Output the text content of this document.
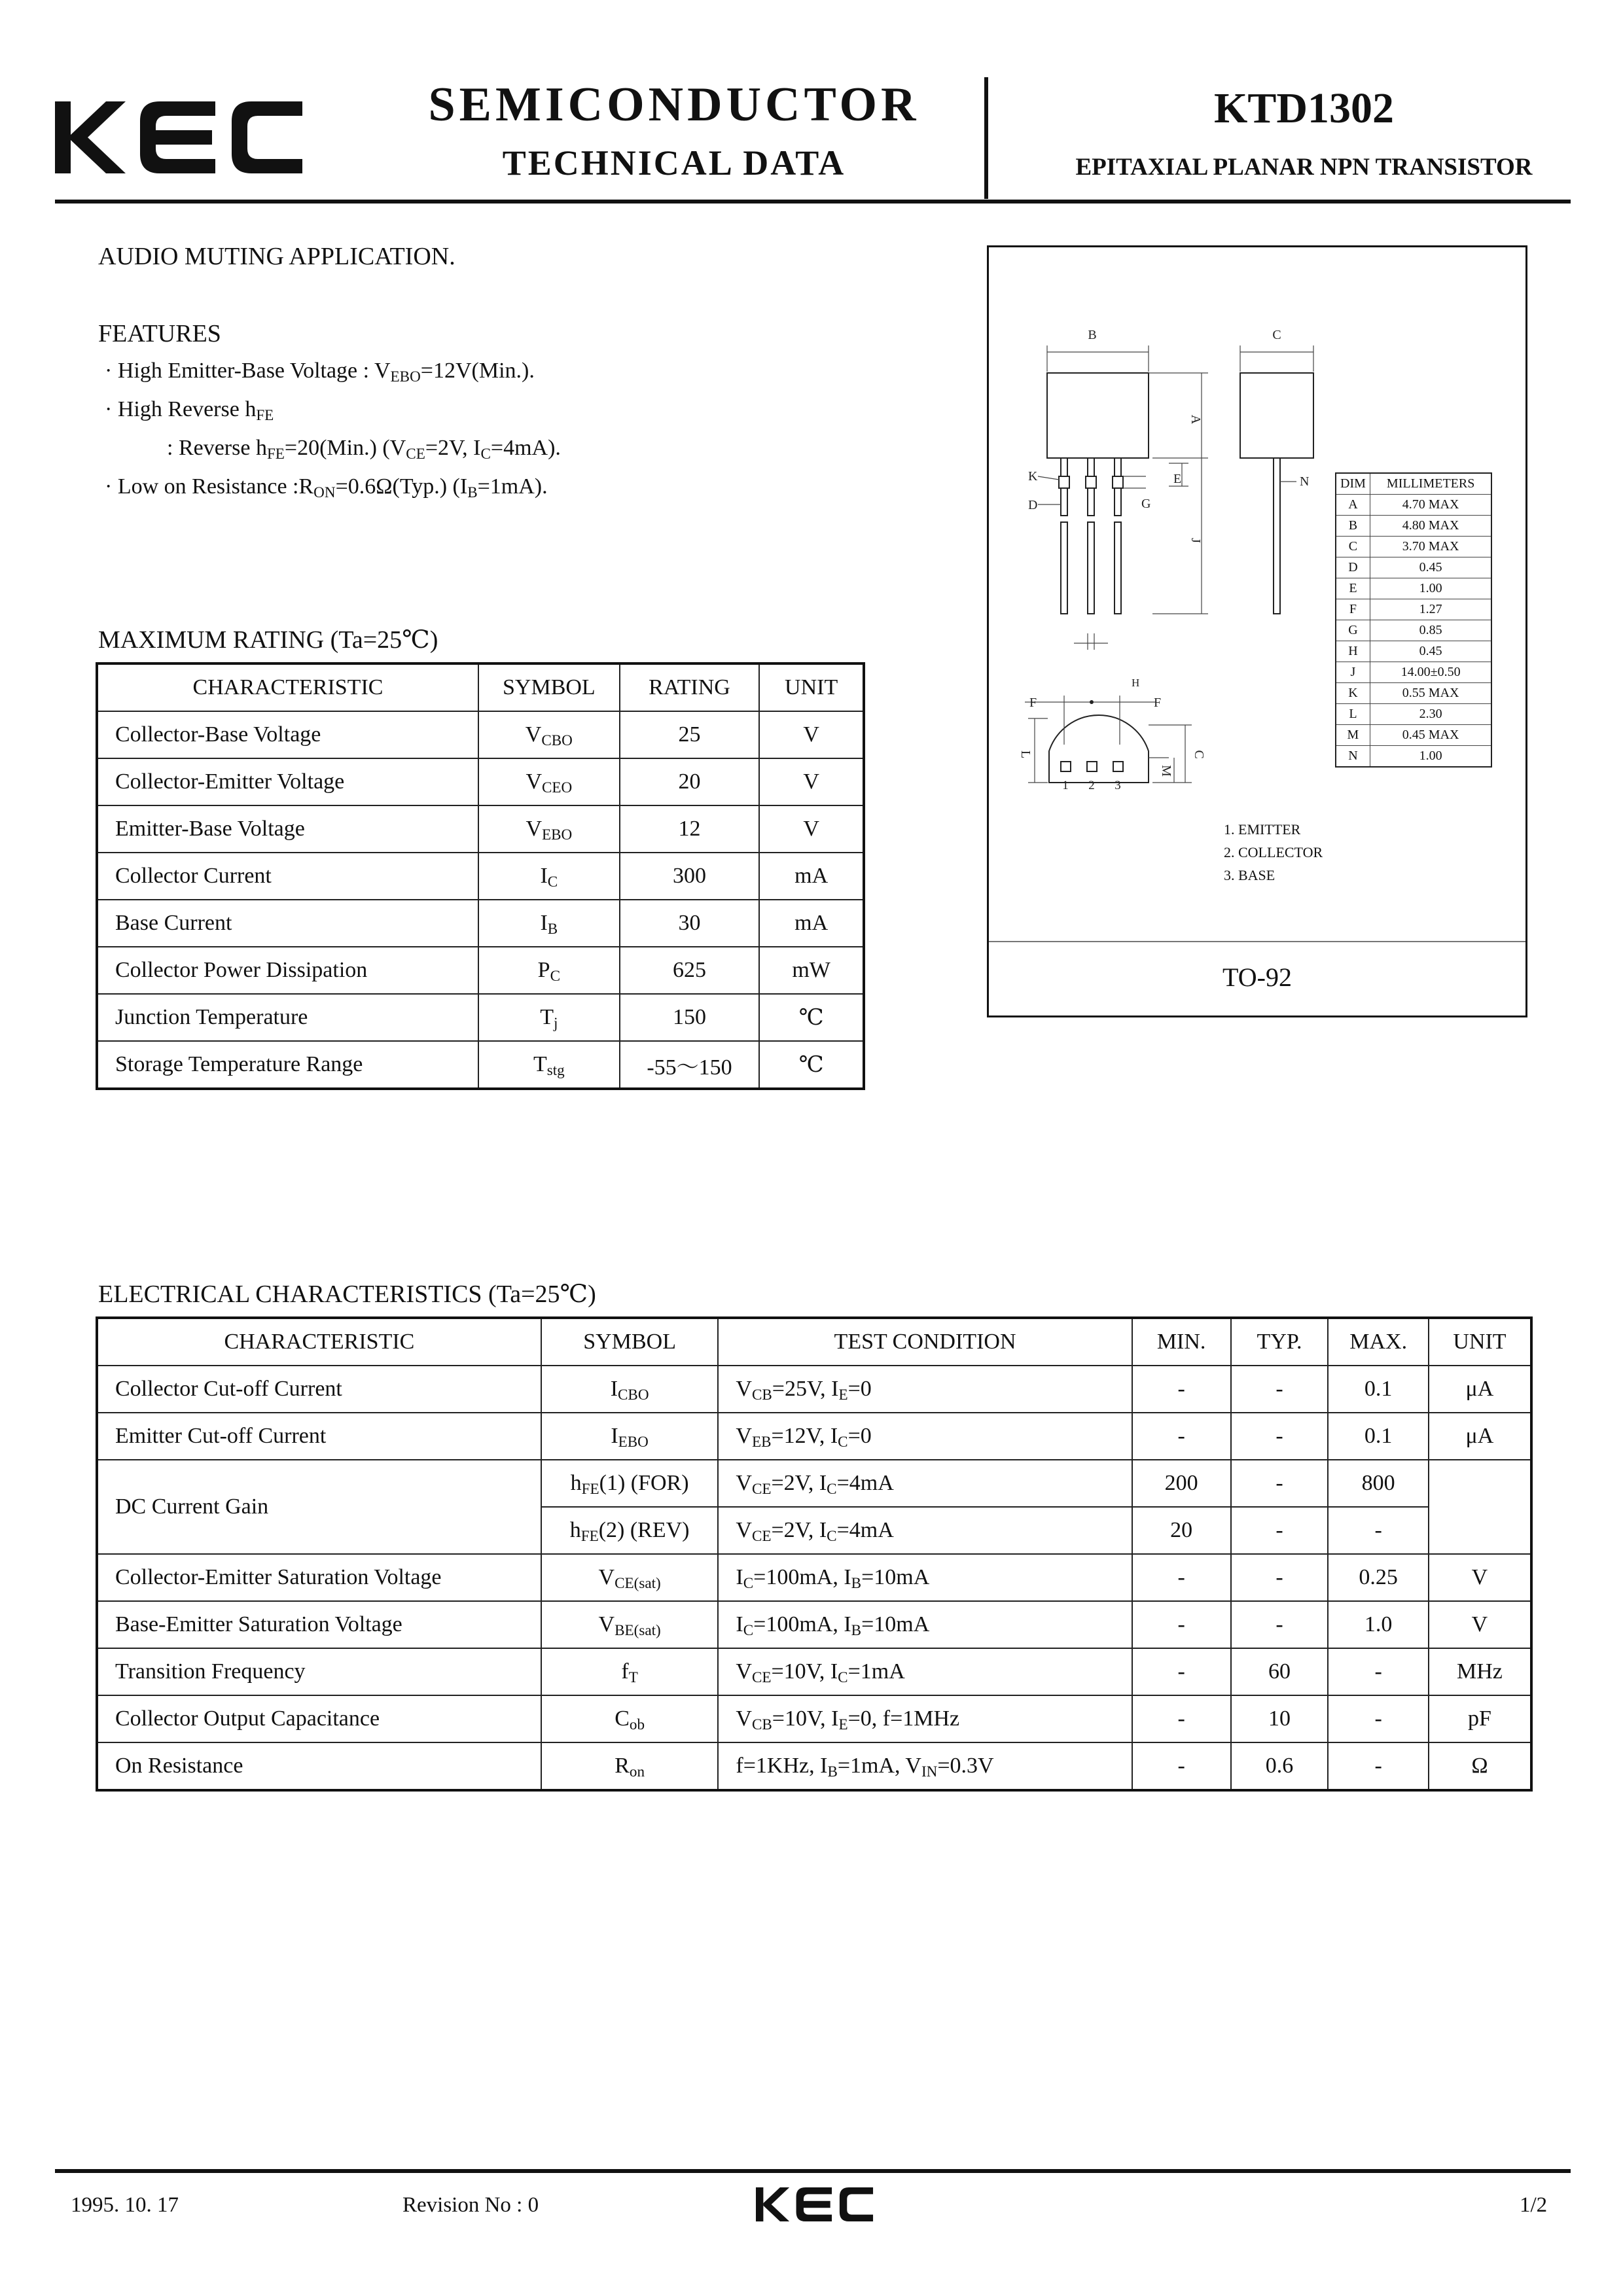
SEMICONDUCTOR
TECHNICAL DATA
KTD1302
EPITAXIAL PLANAR NPN TRANSISTOR
AUDIO MUTING APPLICATION.
FEATURES
· High Emitter-Base Voltage : $V_{EBO}=12V(Min.)$.
· High Reverse $h_{FE}$
: Reverse $h_{FE}=20(Min.)$ ($V_{CE}=2V$, $I_C=4mA$).
· Low on Resistance $:R_{ON}=0.6\Omega(Typ.)$ $(I_B=1mA)$.
MAXIMUM RATING (Ta=25℃)
CHARACTERISTIC	SYMBOL	RATING	UNIT
Collector-Base Voltage	$V_{CBO}$	25	V
Collector-Emitter Voltage	$V_{CEO}$	20	V
Emitter-Base Voltage	$V_{EBO}$	12	V
Collector Current	$I_C$	300	mA
Base Current	$I_B$	30	mA
Collector Power Dissipation	$P_C$	625	mW
Junction Temperature	$T_j$	150	℃
Storage Temperature Range	$T_{stg}$	-55～150	℃
TO-92
B	C
A
J
E
G
N
K
D
H
F	F
L
M
C
1 2 3
DIM	MILLIMETERS
A	4.70 MAX
B	4.80 MAX
C	3.70 MAX
D	0.45
E	1.00
F	1.27
G	0.85
H	0.45
J	14.00±0.50
K	0.55 MAX
L	2.30
M	0.45 MAX
N	1.00
1. EMITTER
2. COLLECTOR
3. BASE
ELECTRICAL CHARACTERISTICS (Ta=25℃)
CHARACTERISTIC	SYMBOL	TEST CONDITION	MIN.	TYP.	MAX.	UNIT
Collector Cut-off Current	$I_{CBO}$	$V_{CB}=25V$, $I_E=0$	-	-	0.1	μA
Emitter Cut-off Current	$I_{EBO}$	$V_{EB}=12V$, $I_C=0$	-	-	0.1	μA
DC Current Gain	$h_{FE}(1)$ (FOR)	$V_{CE}=2V$, $I_C=4mA$	200	-	800	
	$h_{FE}(2)$ (REV)	$V_{CE}=2V$, $I_C=4mA$	20	-	-	
Collector-Emitter Saturation Voltage	$V_{CE(sat)}$	$I_C=100mA$, $I_B=10mA$	-	-	0.25	V
Base-Emitter Saturation Voltage	$V_{BE(sat)}$	$I_C=100mA$, $I_B=10mA$	-	-	1.0	V
Transition Frequency	$f_T$	$V_{CE}=10V$, $I_C=1mA$	-	60	-	MHz
Collector Output Capacitance	$C_{ob}$	$V_{CB}=10V$, $I_E=0$, f=1MHz	-	10	-	pF
On Resistance	$R_{on}$	f=1KHz, $I_B=1mA$, $V_{IN}=0.3V$	-	0.6	-	Ω
1995. 10. 17	Revision No : 0	1/2
